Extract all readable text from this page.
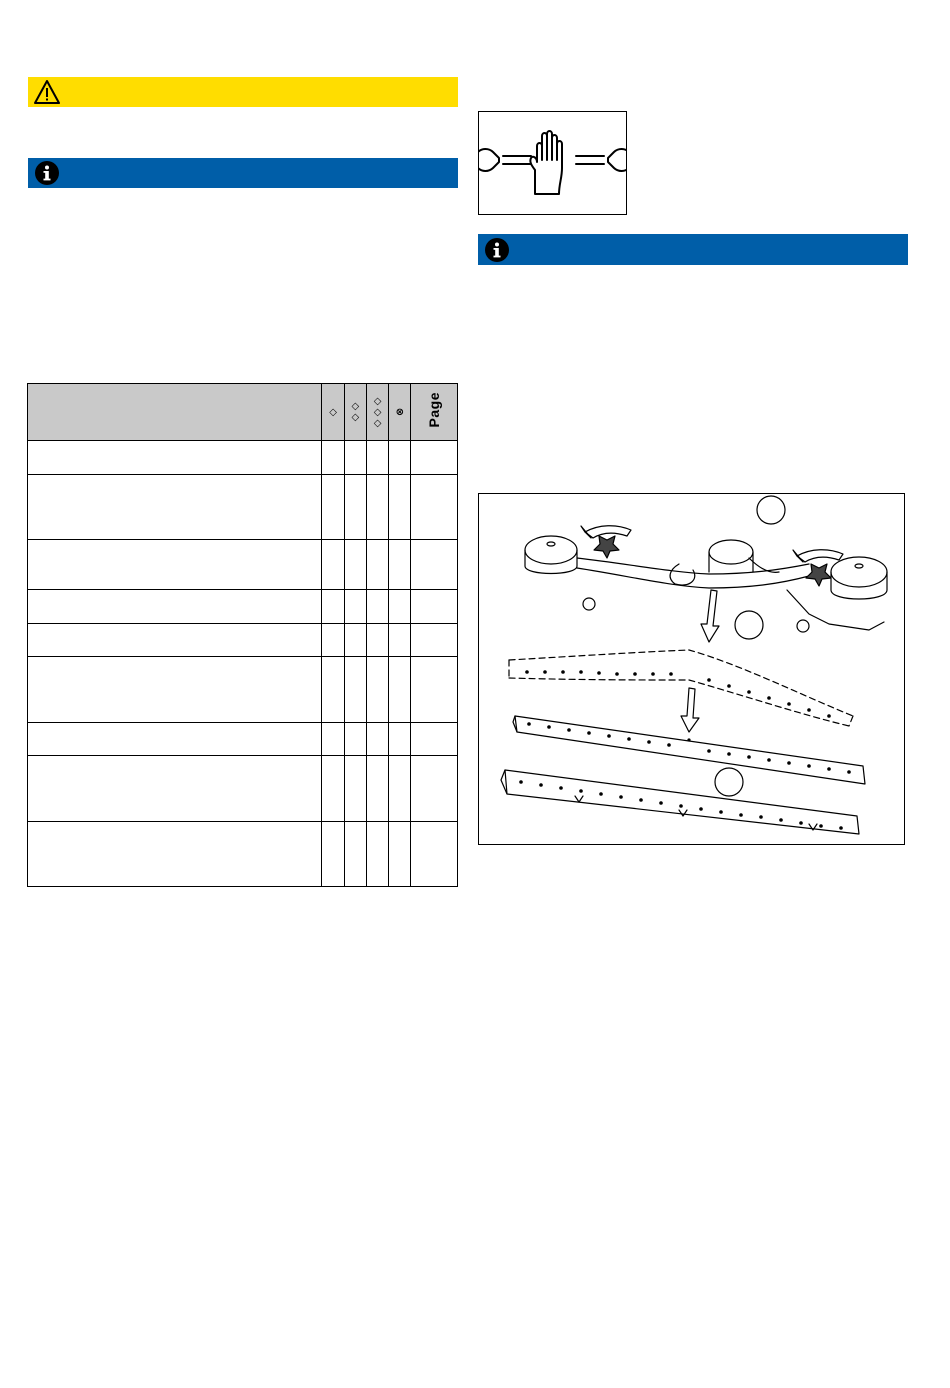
	◇	◇◇	◇◇◇	⊗	Page
